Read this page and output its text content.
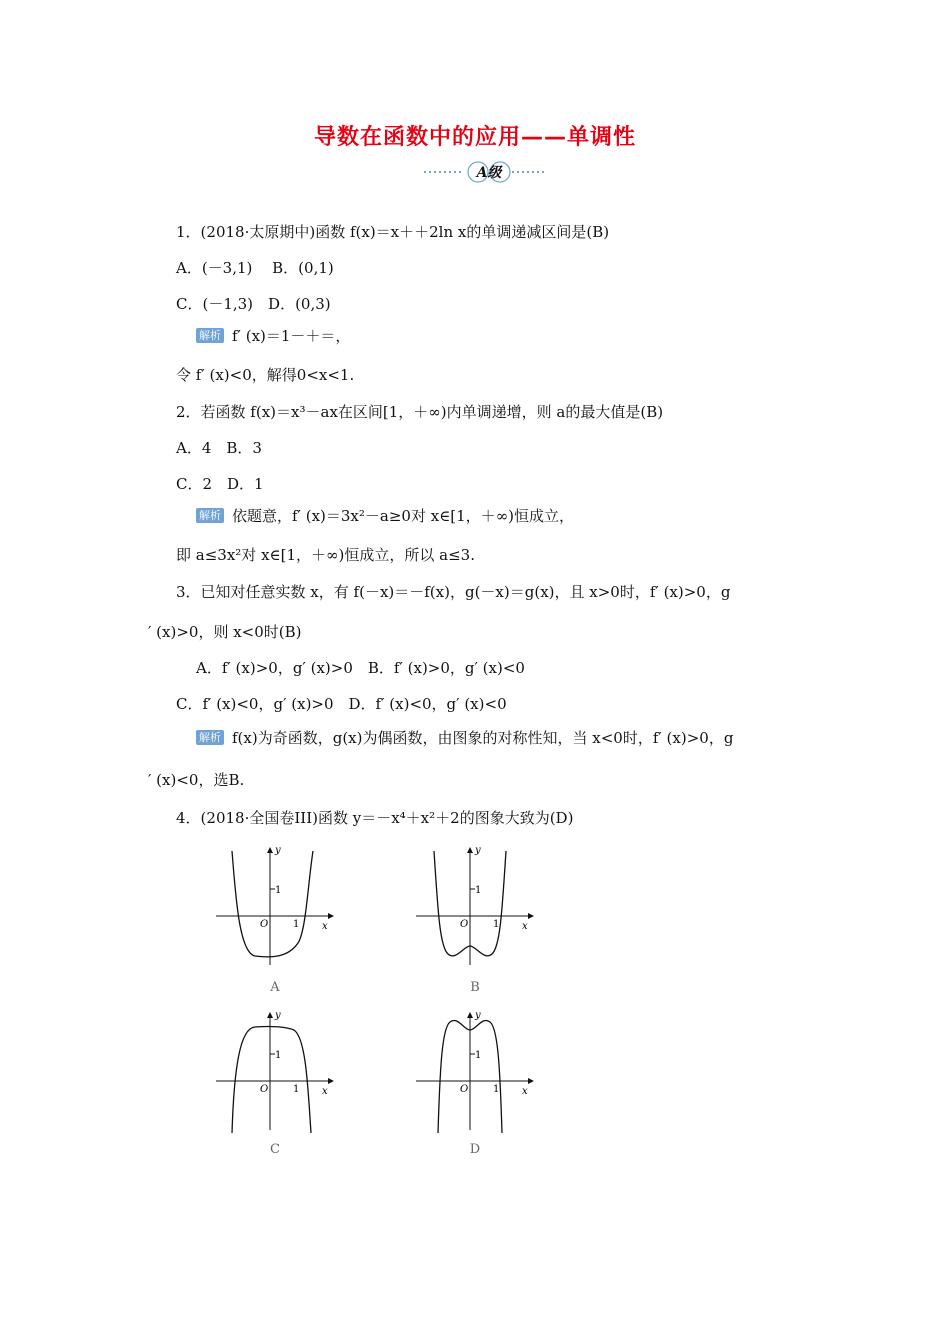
导数在函数中的应用——单调性
A级
1．(2018·太原期中)函数 f(x)＝x＋＋2ln x的单调递减区间是(B)
A．(－3,1)　 B．(0,1)
C．(－1,3)　D．(0,3)
解析 f′ (x)＝1－＋＝，
令 f′ (x)<0，解得0<x<1.
2．若函数 f(x)＝x³－ax在区间[1，＋∞)内单调递增，则 a的最大值是(B)
A．4　B．3
C．2　D．1
解析 依题意，f′ (x)＝3x²－a≥0对 x∈[1，＋∞)恒成立，
即 a≤3x²对 x∈[1，＋∞)恒成立，所以 a≤3.
3．已知对任意实数 x，有 f(－x)＝－f(x)，g(－x)＝g(x)，且 x>0时，f′ (x)>0，g
′ (x)>0，则 x<0时(B)
A．f′ (x)>0，g′ (x)>0　B．f′ (x)>0，g′ (x)<0
C．f′ (x)<0，g′ (x)>0　D．f′ (x)<0，g′ (x)<0
解析 f(x)为奇函数，g(x)为偶函数，由图象的对称性知，当 x<0时，f′ (x)>0，g
′ (x)<0，选B.
4．(2018·全国卷III)函数 y＝－x⁴＋x²＋2的图象大致为(D)
y
x
O
1
1
A
y
x
O
1
1
B
y
x
O
1
1
C
y
x
O
1
1
D
